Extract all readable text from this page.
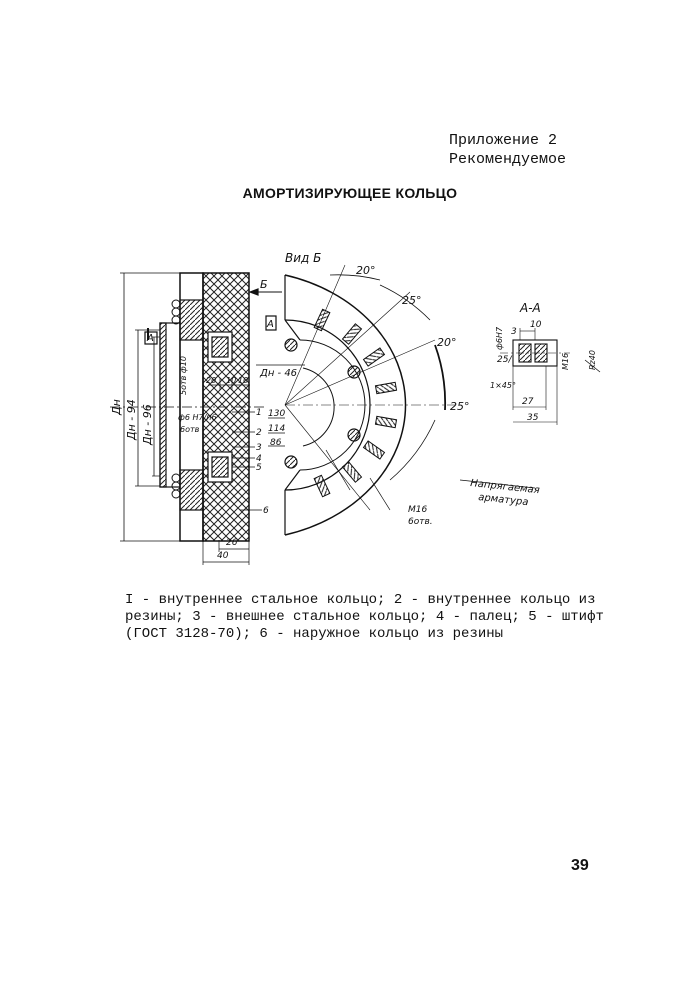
Приложение 2
Рекомендуемое
АМОРТИЗИРУЮЩЕЕ КОЛЬЦО
Б
А
А
Дн Дн - 94 Дн - 96
5отв ф10
ф6 Н7/п6
6отв
20 10 10
26
40
1
2
3
4
5
6
Вид Б
20°
25°
20°
25°
Дн - 46
130
114
86
М16
6отв.
Напрягаемая
арматура
А-А
3
10
ф6Н7
25/
1×45°
М16 Rz40
27
35

I - внутреннее стальное кольцо; 2 - внутреннее кольцо из

резины; 3 - внешнее стальное кольцо; 4 - палец; 5 - штифт

(ГОСТ 3128-70); 6 - наружное кольцо из резины

39
